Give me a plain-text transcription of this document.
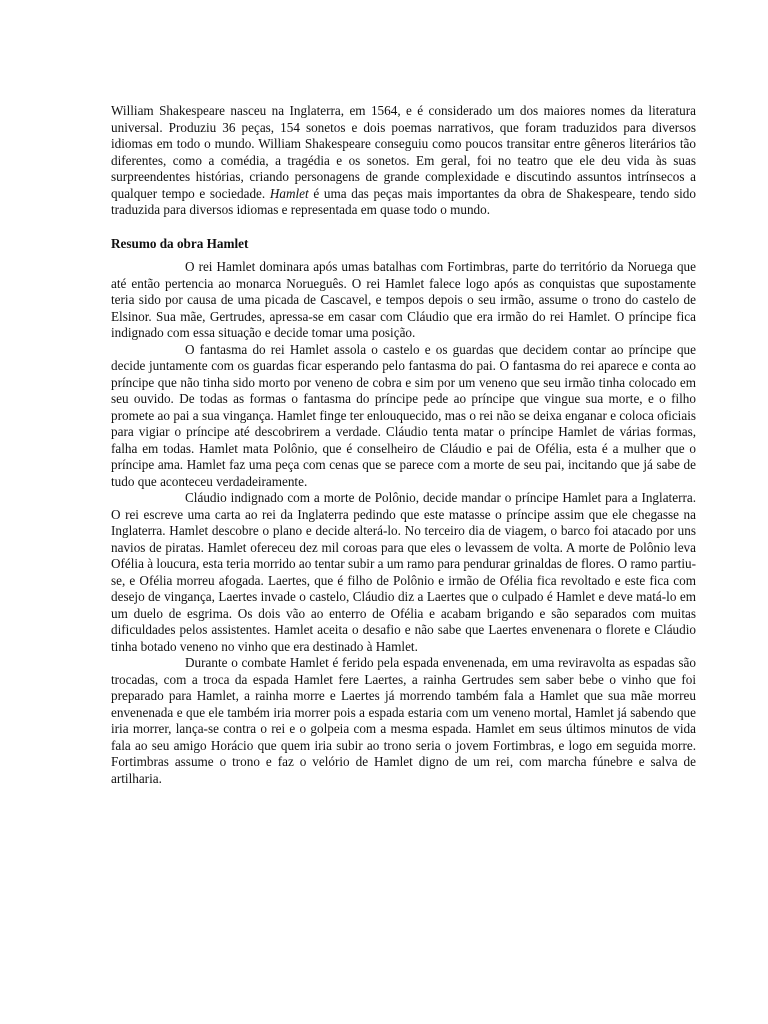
William Shakespeare nasceu na Inglaterra, em 1564, e é considerado um dos maiores nomes da literatura universal. Produziu 36 peças, 154 sonetos e dois poemas narrativos, que foram traduzidos para diversos idiomas em todo o mundo. William Shakespeare conseguiu como poucos transitar entre gêneros literários tão diferentes, como a comédia, a tragédia e os sonetos. Em geral, foi no teatro que ele deu vida às suas surpreendentes histórias, criando personagens de grande complexidade e discutindo assuntos intrínsecos a qualquer tempo e sociedade. Hamlet é uma das peças mais importantes da obra de Shakespeare, tendo sido traduzida para diversos idiomas e representada em quase todo o mundo.

Resumo da obra Hamlet

O rei Hamlet dominara após umas batalhas com Fortimbras, parte do território da Noruega que até então pertencia ao monarca Norueguês. O rei Hamlet falece logo após as conquistas que supostamente teria sido por causa de uma picada de Cascavel, e tempos depois o seu irmão, assume o trono do castelo de Elsinor. Sua mãe, Gertrudes, apressa-se em casar com Cláudio que era irmão do rei Hamlet. O príncipe fica indignado com essa situação e decide tomar uma posição.

O fantasma do rei Hamlet assola o castelo e os guardas que decidem contar ao príncipe que decide juntamente com os guardas ficar esperando pelo fantasma do pai. O fantasma do rei aparece e conta ao príncipe que não tinha sido morto por veneno de cobra e sim por um veneno que seu irmão tinha colocado em seu ouvido. De todas as formas o fantasma do príncipe pede ao príncipe que vingue sua morte, e o filho promete ao pai a sua vingança. Hamlet finge ter enlouquecido, mas o rei não se deixa enganar e coloca oficiais para vigiar o príncipe até descobrirem a verdade. Cláudio tenta matar o príncipe Hamlet de várias formas, falha em todas. Hamlet mata Polônio, que é conselheiro de Cláudio e pai de Ofélia, esta é a mulher que o príncipe ama. Hamlet faz uma peça com cenas que se parece com a morte de seu pai, incitando que já sabe de tudo que aconteceu verdadeiramente.

Cláudio indignado com a morte de Polônio, decide mandar o príncipe Hamlet para a Inglaterra. O rei escreve uma carta ao rei da Inglaterra pedindo que este matasse o príncipe assim que ele chegasse na Inglaterra. Hamlet descobre o plano e decide alterá-lo. No terceiro dia de viagem, o barco foi atacado por uns navios de piratas. Hamlet ofereceu dez mil coroas para que eles o levassem de volta. A morte de Polônio leva Ofélia à loucura, esta teria morrido ao tentar subir a um ramo para pendurar grinaldas de flores. O ramo partiu-se, e Ofélia morreu afogada. Laertes, que é filho de Polônio e irmão de Ofélia fica revoltado e este fica com desejo de vingança, Laertes invade o castelo, Cláudio diz a Laertes que o culpado é Hamlet e deve matá-lo em um duelo de esgrima. Os dois vão ao enterro de Ofélia e acabam brigando e são separados com muitas dificuldades pelos assistentes. Hamlet aceita o desafio e não sabe que Laertes envenenara o florete e Cláudio tinha botado veneno no vinho que era destinado à Hamlet.

Durante o combate Hamlet é ferido pela espada envenenada, em uma reviravolta as espadas são trocadas, com a troca da espada Hamlet fere Laertes, a rainha Gertrudes sem saber bebe o vinho que foi preparado para Hamlet, a rainha morre e Laertes já morrendo também fala a Hamlet que sua mãe morreu envenenada e que ele também iria morrer pois a espada estaria com um veneno mortal, Hamlet já sabendo que iria morrer, lança-se contra o rei e o golpeia com a mesma espada. Hamlet em seus últimos minutos de vida fala ao seu amigo Horácio que quem iria subir ao trono seria o jovem Fortimbras, e logo em seguida morre. Fortimbras assume o trono e faz o velório de Hamlet digno de um rei, com marcha fúnebre e salva de artilharia.
